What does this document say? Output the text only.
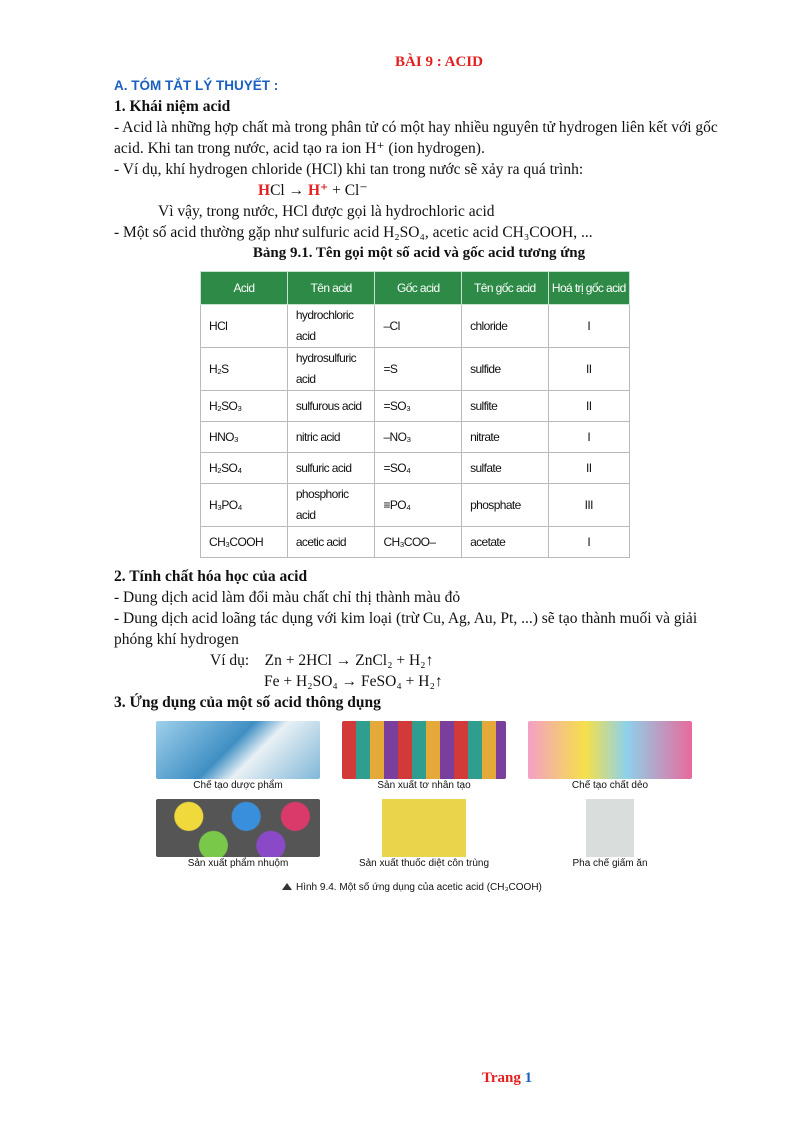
BÀI 9 : ACID
A. TÓM TẮT LÝ THUYẾT :

1. Khái niệm acid

- Acid là những hợp chất mà trong phân tử có một hay nhiều nguyên tử hydrogen liên kết với gốc acid. Khi tan trong nước, acid tạo ra ion H⁺ (ion hydrogen).

- Ví dụ, khí hydrogen chloride (HCl) khi tan trong nước sẽ xảy ra quá trình:

HCl → H⁺ + Cl⁻

Vì vậy, trong nước, HCl được gọi là hydrochloric acid

- Một số acid thường gặp như sulfuric acid H₂SO₄, acetic acid CH₃COOH, ...

Bảng 9.1. Tên gọi một số acid và gốc acid tương ứng

Acid	Tên acid	Gốc acid	Tên gốc acid	Hoá trị gốc acid
HCl	hydrochloric acid	–Cl	chloride	I
H₂S	hydrosulfuric acid	=S	sulfide	II
H₂SO₃	sulfurous acid	=SO₃	sulfite	II
HNO₃	nitric acid	–NO₃	nitrate	I
H₂SO₄	sulfuric acid	=SO₄	sulfate	II
H₃PO₄	phosphoric acid	≡PO₄	phosphate	III
CH₃COOH	acetic acid	CH₃COO–	acetate	I

2. Tính chất hóa học của acid

- Dung dịch acid làm đổi màu chất chỉ thị thành màu đỏ

- Dung dịch acid loãng tác dụng với kim loại (trừ Cu, Ag, Au, Pt, ...) sẽ tạo thành muối và giải phóng khí hydrogen

Ví dụ:    Zn + 2HCl → ZnCl₂ + H₂↑

Fe + H₂SO₄ → FeSO₄ + H₂↑

3. Ứng dụng của một số acid thông dụng

Chế tạo dược phẩm	Sản xuất tơ nhân tạo	Chế tạo chất dẻo
Sản xuất phẩm nhuộm	Sản xuất thuốc diệt côn trùng	Pha chế giấm ăn
Hình 9.4. Một số ứng dụng của acetic acid (CH₃COOH)
Trang 1
